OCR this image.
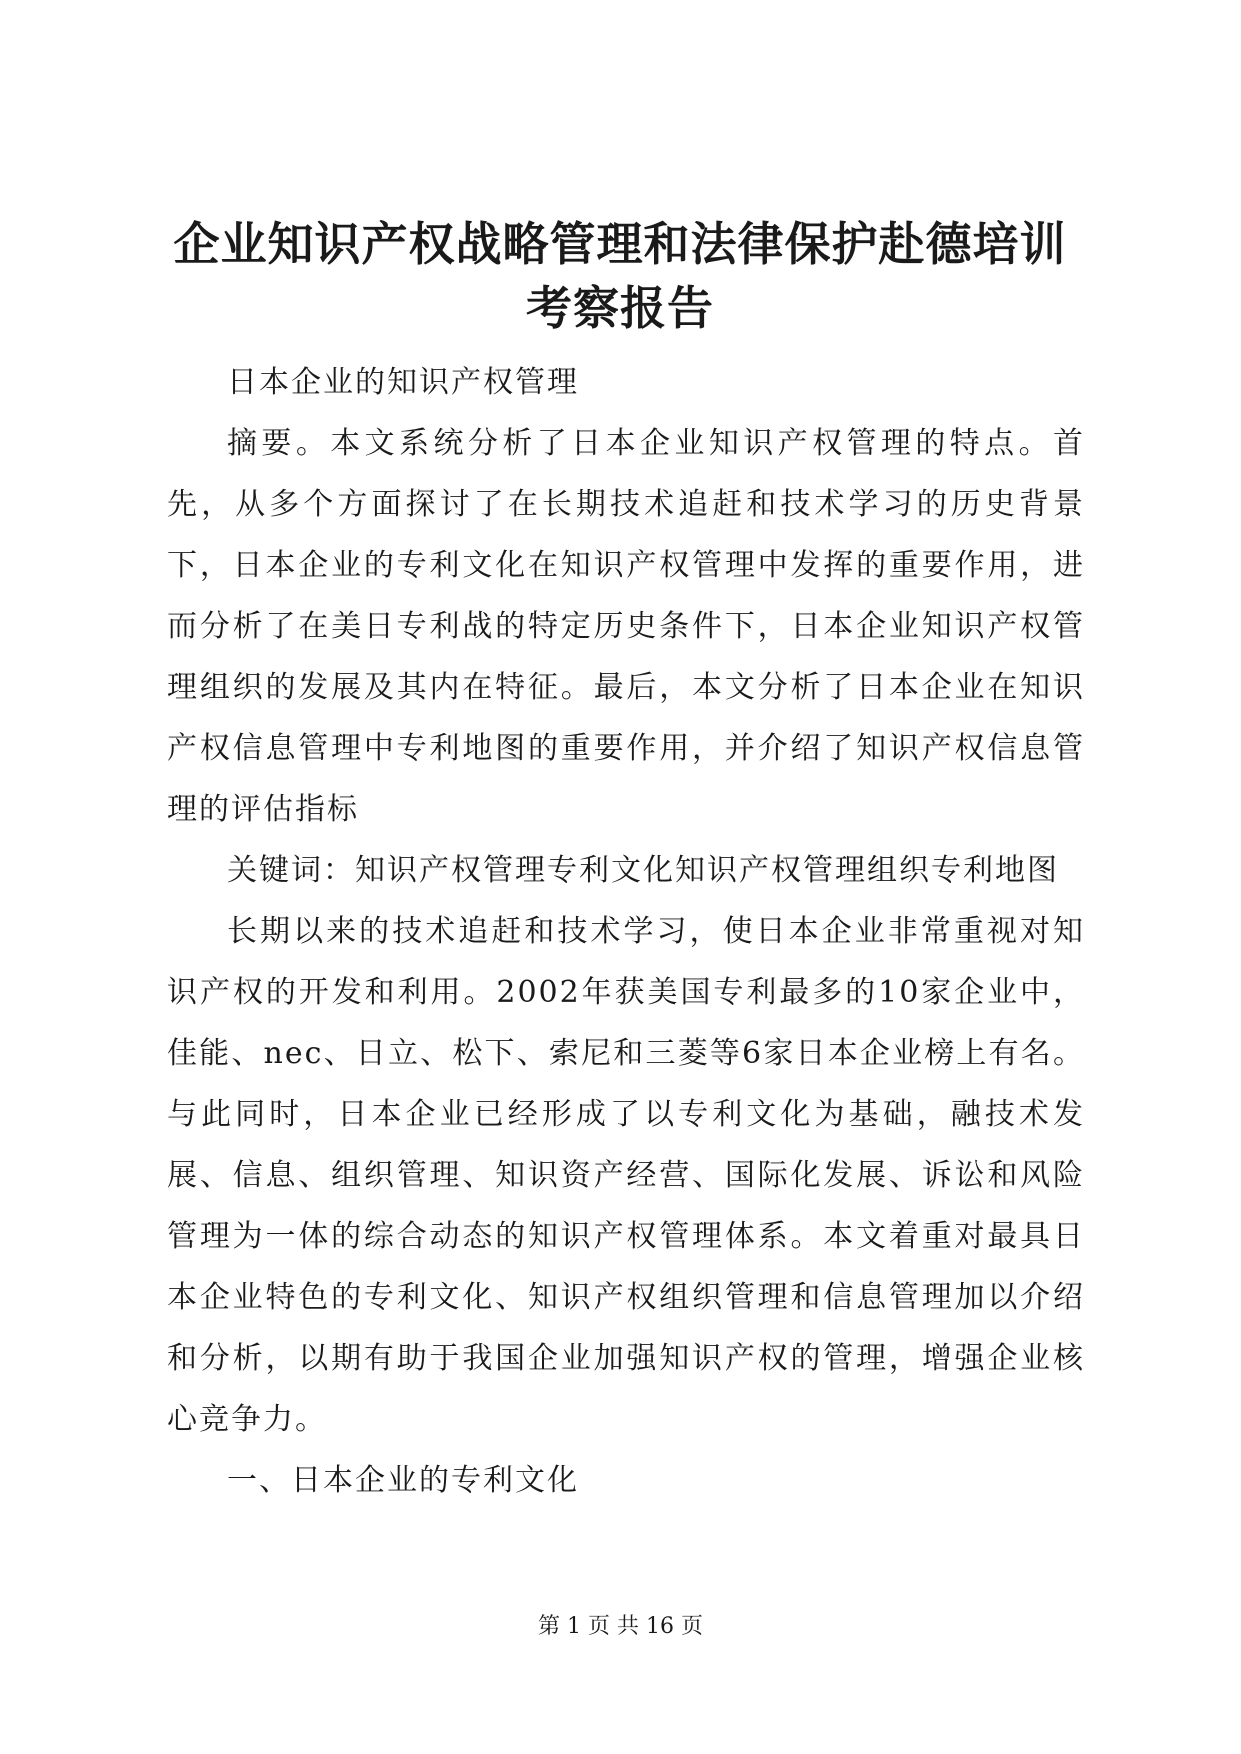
企业知识产权战略管理和法律保护赴德培训考察报告

日本企业的知识产权管理

摘要。本文系统分析了日本企业知识产权管理的特点。首先，从多个方面探讨了在长期技术追赶和技术学习的历史背景下，日本企业的专利文化在知识产权管理中发挥的重要作用，进而分析了在美日专利战的特定历史条件下，日本企业知识产权管理组织的发展及其内在特征。最后，本文分析了日本企业在知识产权信息管理中专利地图的重要作用，并介绍了知识产权信息管理的评估指标

关键词：知识产权管理专利文化知识产权管理组织专利地图

长期以来的技术追赶和技术学习，使日本企业非常重视对知识产权的开发和利用。2002年获美国专利最多的10家企业中，佳能、nec、日立、松下、索尼和三菱等6家日本企业榜上有名。与此同时，日本企业已经形成了以专利文化为基础，融技术发展、信息、组织管理、知识资产经营、国际化发展、诉讼和风险管理为一体的综合动态的知识产权管理体系。本文着重对最具日本企业特色的专利文化、知识产权组织管理和信息管理加以介绍和分析，以期有助于我国企业加强知识产权的管理，增强企业核心竞争力。

一、日本企业的专利文化

第 1 页 共 16 页
